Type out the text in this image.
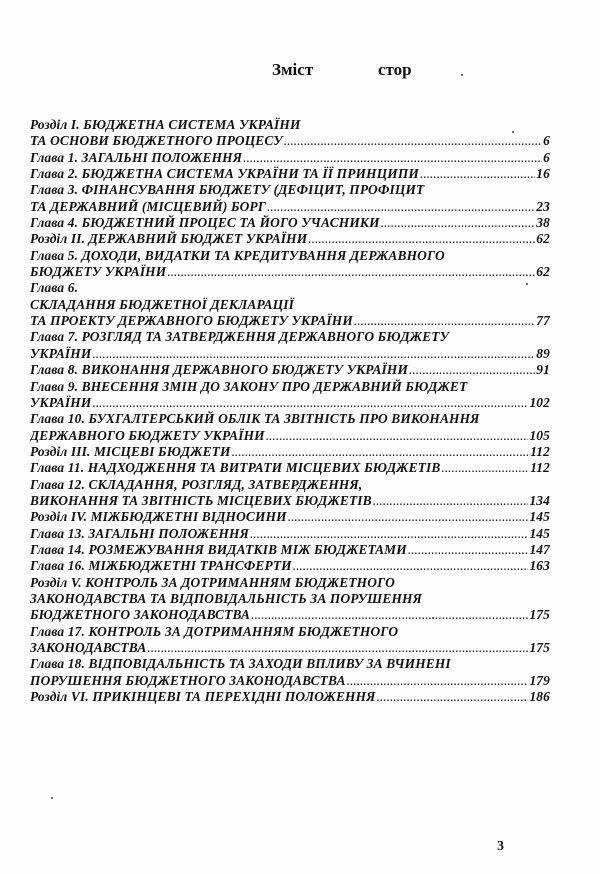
Зміст	стор
Розділ І. БЮДЖЕТНА СИСТЕМА УКРАЇНИ
ТА ОСНОВИ БЮДЖЕТНОГО ПРОЦЕСУ .....	6
Глава 1. ЗАГАЛЬНІ ПОЛОЖЕННЯ .....	6
Глава 2. БЮДЖЕТНА СИСТЕМА УКРАЇНИ ТА ЇЇ ПРИНЦИПИ .....	16
Глава 3. ФІНАНСУВАННЯ БЮДЖЕТУ (ДЕФІЦИТ, ПРОФІЦИТ
ТА ДЕРЖАВНИЙ (МІСЦЕВИЙ) БОРГ .....	23
Глава 4. БЮДЖЕТНИЙ ПРОЦЕС ТА ЙОГО УЧАСНИКИ .....	38
Розділ ІІ. ДЕРЖАВНИЙ БЮДЖЕТ УКРАЇНИ .....	62
Глава 5. ДОХОДИ, ВИДАТКИ ТА КРЕДИТУВАННЯ ДЕРЖАВНОГО
БЮДЖЕТУ УКРАЇНИ .....	62
Глава 6.
СКЛАДАННЯ БЮДЖЕТНОЇ ДЕКЛАРАЦІЇ
ТА ПРОЕКТУ ДЕРЖАВНОГО БЮДЖЕТУ УКРАЇНИ .....	77
Глава 7. РОЗГЛЯД ТА ЗАТВЕРДЖЕННЯ ДЕРЖАВНОГО БЮДЖЕТУ
УКРАЇНИ .....	89
Глава 8. ВИКОНАННЯ ДЕРЖАВНОГО БЮДЖЕТУ УКРАЇНИ .....	91
Глава 9. ВНЕСЕННЯ ЗМІН ДО ЗАКОНУ ПРО ДЕРЖАВНИЙ БЮДЖЕТ
УКРАЇНИ .....	102
Глава 10. БУХГАЛТЕРСЬКИЙ ОБЛІК ТА ЗВІТНІСТЬ ПРО ВИКОНАННЯ
ДЕРЖАВНОГО БЮДЖЕТУ УКРАЇНИ .....	105
Розділ ІІІ. МІСЦЕВІ БЮДЖЕТИ .....	112
Глава 11. НАДХОДЖЕННЯ ТА ВИТРАТИ МІСЦЕВИХ БЮДЖЕТІВ .....	112
Глава 12. СКЛАДАННЯ, РОЗГЛЯД, ЗАТВЕРДЖЕННЯ,
ВИКОНАННЯ ТА ЗВІТНІСТЬ МІСЦЕВИХ БЮДЖЕТІВ .....	134
Розділ IV. МІЖБЮДЖЕТНІ ВІДНОСИНИ .....	145
Глава 13. ЗАГАЛЬНІ ПОЛОЖЕННЯ .....	145
Глава 14. РОЗМЕЖУВАННЯ ВИДАТКІВ МІЖ БЮДЖЕТАМИ .....	147
Глава 16. МІЖБЮДЖЕТНІ ТРАНСФЕРТИ .....	163
Розділ V. КОНТРОЛЬ ЗА ДОТРИМАННЯМ БЮДЖЕТНОГО
ЗАКОНОДАВСТВА ТА ВІДПОВІДАЛЬНІСТЬ ЗА ПОРУШЕННЯ
БЮДЖЕТНОГО ЗАКОНОДАВСТВА .....	175
Глава 17. КОНТРОЛЬ ЗА ДОТРИМАННЯМ БЮДЖЕТНОГО
ЗАКОНОДАВСТВА .....	175
Глава 18. ВІДПОВІДАЛЬНІСТЬ ТА ЗАХОДИ ВПЛИВУ ЗА ВЧИНЕНІ
ПОРУШЕННЯ БЮДЖЕТНОГО ЗАКОНОДАВСТВА .....	179
Розділ VI. ПРИКІНЦЕВІ ТА ПЕРЕХІДНІ ПОЛОЖЕННЯ .....	186
3
